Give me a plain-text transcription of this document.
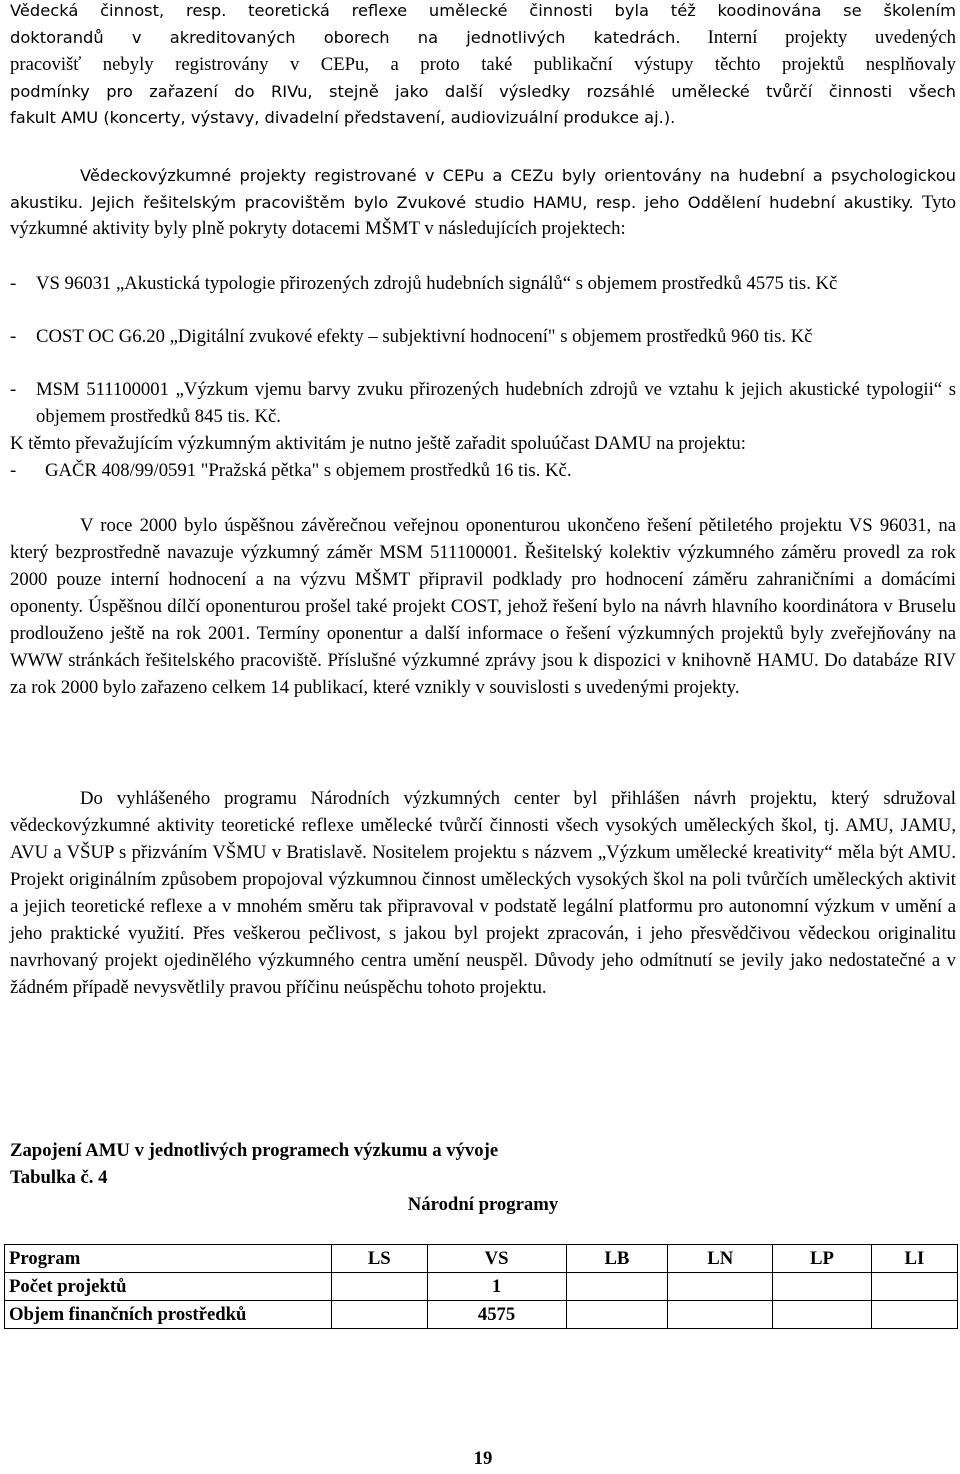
Vědecká činnost, resp. teoretická reflexe umělecké činnosti byla též koodinována se školením
doktorandů v akreditovaných oborech na jednotlivých katedrách. Interní projekty uvedených
pracovišť nebyly registrovány v CEPu, a proto také publikační výstupy těchto projektů nesplňovaly
podmínky pro zařazení do RIVu, stejně jako další výsledky rozsáhlé umělecké tvůrčí činnosti všech
fakult AMU (koncerty, výstavy, divadelní představení, audiovizuální produkce aj.).
Vědeckovýzkumné projekty registrované v CEPu a CEZu byly orientovány na hudební a psychologickou akustiku. Jejich řešitelským pracovištěm bylo Zvukové studio HAMU, resp. jeho Oddělení hudební akustiky. Tyto výzkumné aktivity byly plně pokryty dotacemi MŠMT v následujících projektech:
- VS 96031 „Akustická typologie přirozených zdrojů hudebních signálů“ s objemem prostředků 4575 tis. Kč
- COST OC G6.20 „Digitální zvukové efekty – subjektivní hodnocení" s objemem prostředků 960 tis. Kč
- MSM 511100001 „Výzkum vjemu barvy zvuku přirozených hudebních zdrojů ve vztahu k jejich akustické typologii“ s objemem prostředků 845 tis. Kč.
K těmto převažujícím výzkumným aktivitám je nutno ještě zařadit spoluúčast DAMU na projektu:
- GAČR 408/99/0591 "Pražská pětka" s objemem prostředků 16 tis. Kč.

V roce 2000 bylo úspěšnou závěrečnou veřejnou oponenturou ukončeno řešení pětiletého projektu VS 96031, na který bezprostředně navazuje výzkumný záměr MSM 511100001. Řešitelský kolektiv výzkumného záměru provedl za rok 2000 pouze interní hodnocení a na výzvu MŠMT připravil podklady pro hodnocení záměru zahraničními a domácími oponenty. Úspěšnou dílčí oponenturou prošel také projekt COST, jehož řešení bylo na návrh hlavního koordinátora v Bruselu prodlouženo ještě na rok 2001. Termíny oponentur a další informace o řešení výzkumných projektů byly zveřejňovány na WWW stránkách řešitelského pracoviště. Příslušné výzkumné zprávy jsou k dispozici v knihovně HAMU. Do databáze RIV za rok 2000 bylo zařazeno celkem 14 publikací, které vznikly v souvislosti s uvedenými projekty.

Do vyhlášeného programu Národních výzkumných center byl přihlášen návrh projektu, který sdružoval vědeckovýzkumné aktivity teoretické reflexe umělecké tvůrčí činnosti všech vysokých uměleckých škol, tj. AMU, JAMU, AVU a VŠUP s přizváním VŠMU v Bratislavě. Nositelem projektu s názvem „Výzkum umělecké kreativity“ měla být AMU. Projekt originálním způsobem propojoval výzkumnou činnost uměleckých vysokých škol na poli tvůrčích uměleckých aktivit a jejich teoretické reflexe a v mnohém směru tak připravoval v podstatě legální platformu pro autonomní výzkum v umění a jeho praktické využití. Přes veškerou pečlivost, s jakou byl projekt zpracován, i jeho přesvědčivou vědeckou originalitu navrhovaný projekt ojedinělého výzkumného centra umění neuspěl. Důvody jeho odmítnutí se jevily jako nedostatečné a v žádném případě nevysvětlily pravou příčinu neúspěchu tohoto projektu.

Zapojení AMU v jednotlivých programech výzkumu a vývoje
Tabulka č. 4
Národní programy
Program	LS	VS	LB	LN	LP	LI
Počet projektů		1				
Objem finančních prostředků		4575				
19
